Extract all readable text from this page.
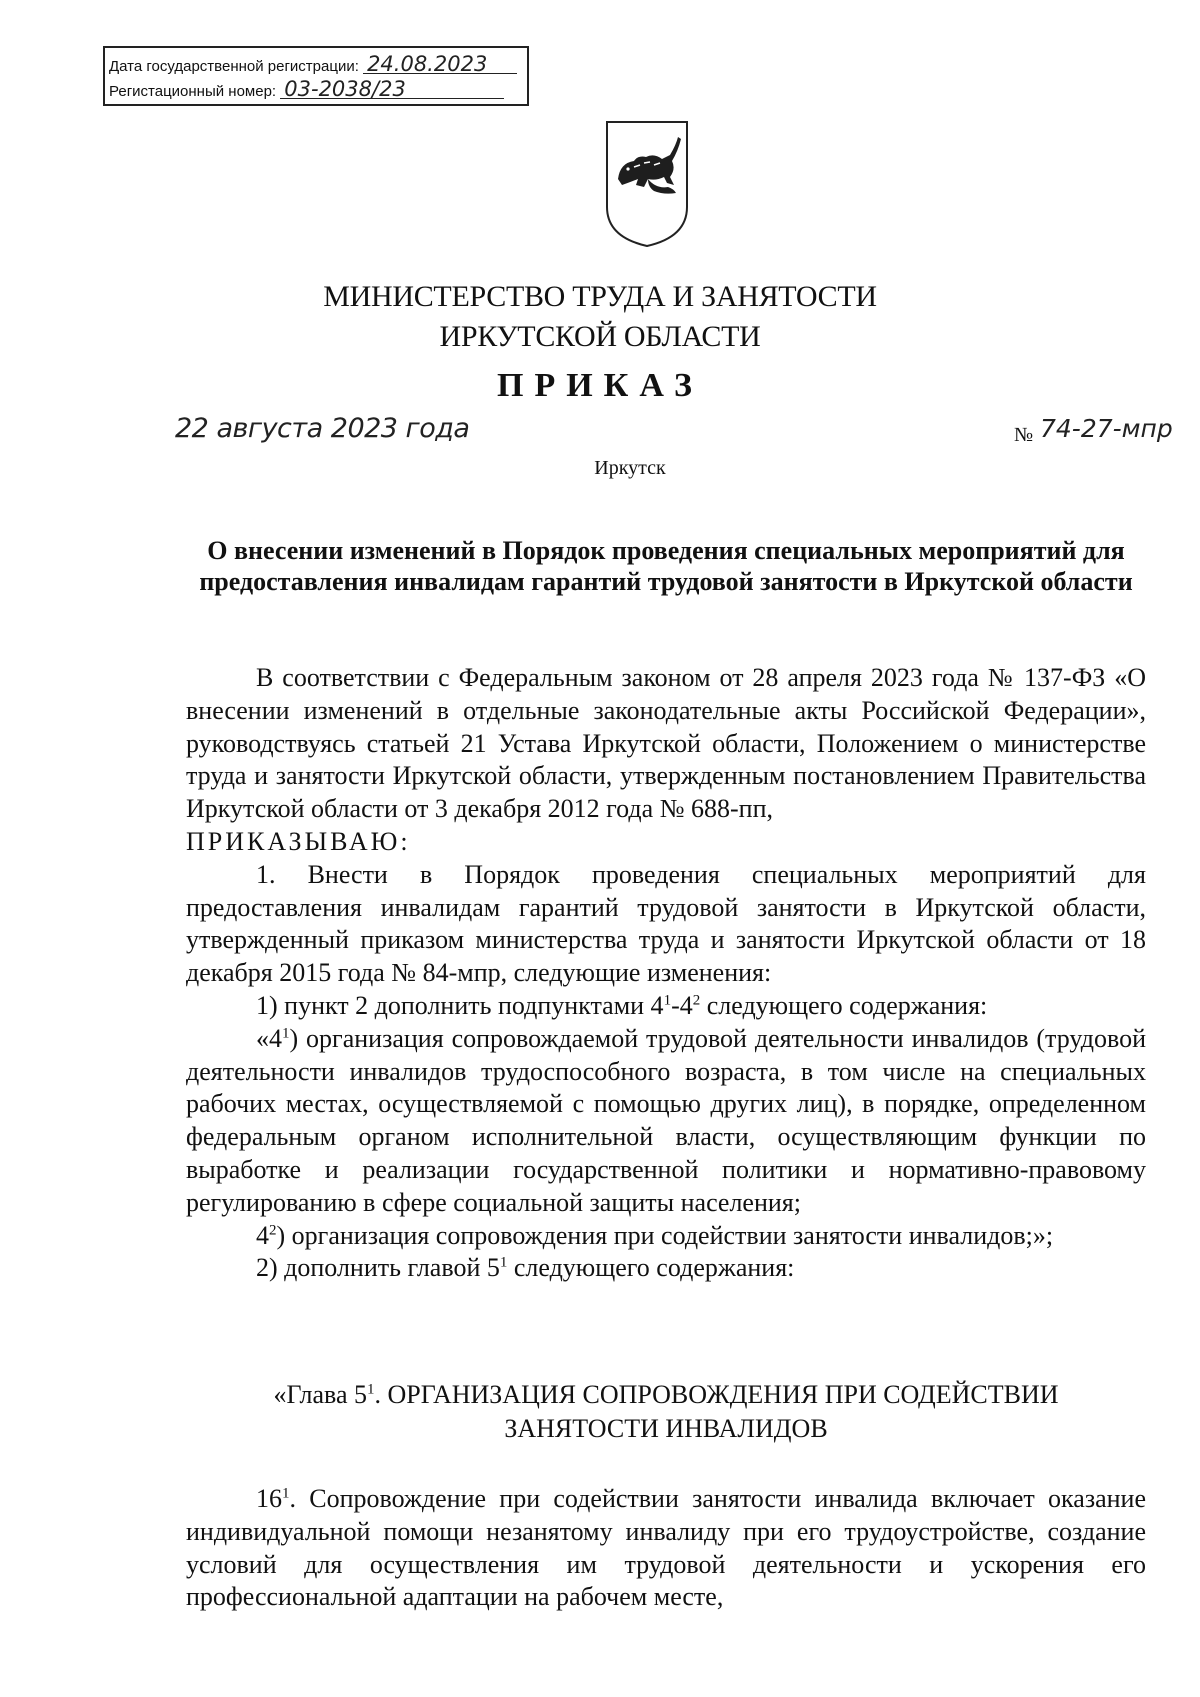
Дата государственной регистрации: 24.08.2023
Регистационный номер: 03-2038/23
МИНИСТЕРСТВО ТРУДА И ЗАНЯТОСТИ
ИРКУТСКОЙ ОБЛАСТИ
ПРИКАЗ
22 августа 2023 года	№ 74-27-мпр
Иркутск
О внесении изменений в Порядок проведения специальных мероприятий для предоставления инвалидам гарантий трудовой занятости в Иркутской области

В соответствии с Федеральным законом от 28 апреля 2023 года № 137-ФЗ «О внесении изменений в отдельные законодательные акты Российской Федерации», руководствуясь статьей 21 Устава Иркутской области, Положением о министерстве труда и занятости Иркутской области, утвержденным постановлением Правительства Иркутской области от 3 декабря 2012 года № 688-пп,

ПРИКАЗЫВАЮ:

1. Внести в Порядок проведения специальных мероприятий для предоставления инвалидам гарантий трудовой занятости в Иркутской области, утвержденный приказом министерства труда и занятости Иркутской области от 18 декабря 2015 года № 84-мпр, следующие изменения:

1) пункт 2 дополнить подпунктами $4^1-4^2$ следующего содержания:

«$4^1$) организация сопровождаемой трудовой деятельности инвалидов (трудовой деятельности инвалидов трудоспособного возраста, в том числе на специальных рабочих местах, осуществляемой с помощью других лиц), в порядке, определенном федеральным органом исполнительной власти, осуществляющим функции по выработке и реализации государственной политики и нормативно-правовому регулированию в сфере социальной защиты населения;

$4^2$) организация сопровождения при содействии занятости инвалидов;»;

2) дополнить главой $5^1$ следующего содержания:

«Глава $5^1$. ОРГАНИЗАЦИЯ СОПРОВОЖДЕНИЯ ПРИ СОДЕЙСТВИИ
ЗАНЯТОСТИ ИНВАЛИДОВ

$16^1$. Сопровождение при содействии занятости инвалида включает оказание индивидуальной помощи незанятому инвалиду при его трудоустройстве, создание условий для осуществления им трудовой деятельности и ускорения его профессиональной адаптации на рабочем месте,
